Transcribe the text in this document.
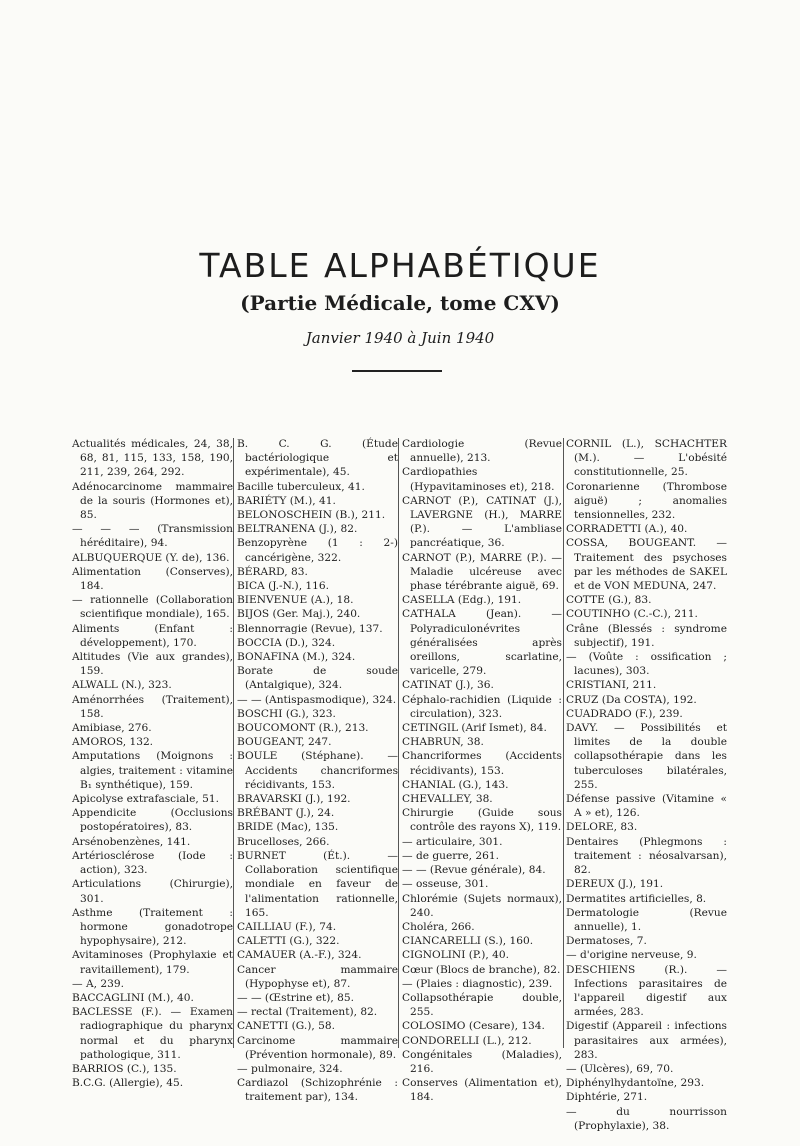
TABLE ALPHABÉTIQUE
(Partie Médicale, tome CXV)

Janvier 1940 à Juin 1940

Actualités médicales, 24, 38, 68, 81, 115, 133, 158, 190, 211, 239, 264, 292.
Adénocarcinome mammaire de la souris (Hormones et), 85.
— — — (Transmission héréditaire), 94.
ALBUQUERQUE (Y. de), 136.
Alimentation (Conserves), 184.
— rationnelle (Collaboration scientifique mondiale), 165.
Aliments (Enfant : développement), 170.
Altitudes (Vie aux grandes), 159.
ALWALL (N.), 323.
Aménorrhées (Traitement), 158.
Amibiase, 276.
AMOROS, 132.
Amputations (Moignons : algies, traitement : vitamine B₁ synthétique), 159.
Apicolyse extrafasciale, 51.
Appendicite (Occlusions postopératoires), 83.
Arsénobenzènes, 141.
Artériosclérose (Iode : action), 323.
Articulations (Chirurgie), 301.
Asthme (Traitement : hormone gonadotrope hypophysaire), 212.
Avitaminoses (Prophylaxie et ravitaillement), 179.
— A, 239.
BACCAGLINI (M.), 40.
BACLESSE (F.). — Examen radiographique du pharynx normal et du pharynx pathologique, 311.
BARRIOS (C.), 135.
B.C.G. (Allergie), 45.
B. C. G. (Étude bactériologique et expérimentale), 45.
Bacille tuberculeux, 41.
BARIÉTY (M.), 41.
BELONOSCHEIN (B.), 211.
BELTRANENA (J.), 82.
Benzopyrène (1 : 2-) cancérigène, 322.
BÉRARD, 83.
BICA (J.-N.), 116.
BIENVENUE (A.), 18.
BIJOS (Ger. Maj.), 240.
Blennorragie (Revue), 137.
BOCCIA (D.), 324.
BONAFINA (M.), 324.
Borate de soude (Antalgique), 324.
— — (Antispasmodique), 324.
BOSCHI (G.), 323.
BOUCOMONT (R.), 213.
BOUGEANT, 247.
BOULE (Stéphane). — Accidents chancriformes récidivants, 153.
BRAVARSKI (J.), 192.
BRÉBANT (J.), 24.
BRIDE (Mac), 135.
Brucelloses, 266.
BURNET (Ét.). — Collaboration scientifique mondiale en faveur de l'alimentation rationnelle, 165.
CAILLIAU (F.), 74.
CALETTI (G.), 322.
CAMAUER (A.-F.), 324.
Cancer mammaire (Hypophyse et), 87.
— — (Œstrine et), 85.
— rectal (Traitement), 82.
CANETTI (G.), 58.
Carcinome mammaire (Prévention hormonale), 89.
— pulmonaire, 324.
Cardiazol (Schizophrénie : traitement par), 134.
Cardiologie (Revue annuelle), 213.
Cardiopathies (Hypavitaminoses et), 218.
CARNOT (P.), CATINAT (J.), LAVERGNE (H.), MARRE (P.). — L'ambliase pancréatique, 36.
CARNOT (P.), MARRE (P.). — Maladie ulcéreuse avec phase térébrante aiguë, 69.
CASELLA (Edg.), 191.
CATHALA (Jean). — Polyradiculonévrites généralisées après oreillons, scarlatine, varicelle, 279.
CATINAT (J.), 36.
Céphalo-rachidien (Liquide : circulation), 323.
CETINGIL (Arif Ismet), 84.
CHABRUN, 38.
Chancriformes (Accidents récidivants), 153.
CHANIAL (G.), 143.
CHEVALLEY, 38.
Chirurgie (Guide sous contrôle des rayons X), 119.
— articulaire, 301.
— de guerre, 261.
— — (Revue générale), 84.
— osseuse, 301.
Chlorémie (Sujets normaux), 240.
Choléra, 266.
CIANCARELLI (S.), 160.
CIGNOLINI (P.), 40.
Cœur (Blocs de branche), 82.
— (Plaies : diagnostic), 239.
Collapsothérapie double, 255.
COLOSIMO (Cesare), 134.
CONDORELLI (L.), 212.
Congénitales (Maladies), 216.
Conserves (Alimentation et), 184.
CORNIL (L.), SCHACHTER (M.). — L'obésité constitutionnelle, 25.
Coronarienne (Thrombose aiguë) ; anomalies tensionnelles, 232.
CORRADETTI (A.), 40.
COSSA, BOUGEANT. — Traitement des psychoses par les méthodes de SAKEL et de VON MEDUNA, 247.
COTTE (G.), 83.
COUTINHO (C.-C.), 211.
Crâne (Blessés : syndrome subjectif), 191.
— (Voûte : ossification ; lacunes), 303.
CRISTIANI, 211.
CRUZ (Da COSTA), 192.
CUADRADO (F.), 239.
DAVY. — Possibilités et limites de la double collapsothérapie dans les tuberculoses bilatérales, 255.
Défense passive (Vitamine « A » et), 126.
DELORE, 83.
Dentaires (Phlegmons : traitement : néosalvarsan), 82.
DEREUX (J.), 191.
Dermatites artificielles, 8.
Dermatologie (Revue annuelle), 1.
Dermatoses, 7.
— d'origine nerveuse, 9.
DESCHIENS (R.). — Infections parasitaires de l'appareil digestif aux armées, 283.
Digestif (Appareil : infections parasitaires aux armées), 283.
— (Ulcères), 69, 70.
Diphénylhydantoïne, 293.
Diphtérie, 271.
— du nourrisson (Prophylaxie), 38.
